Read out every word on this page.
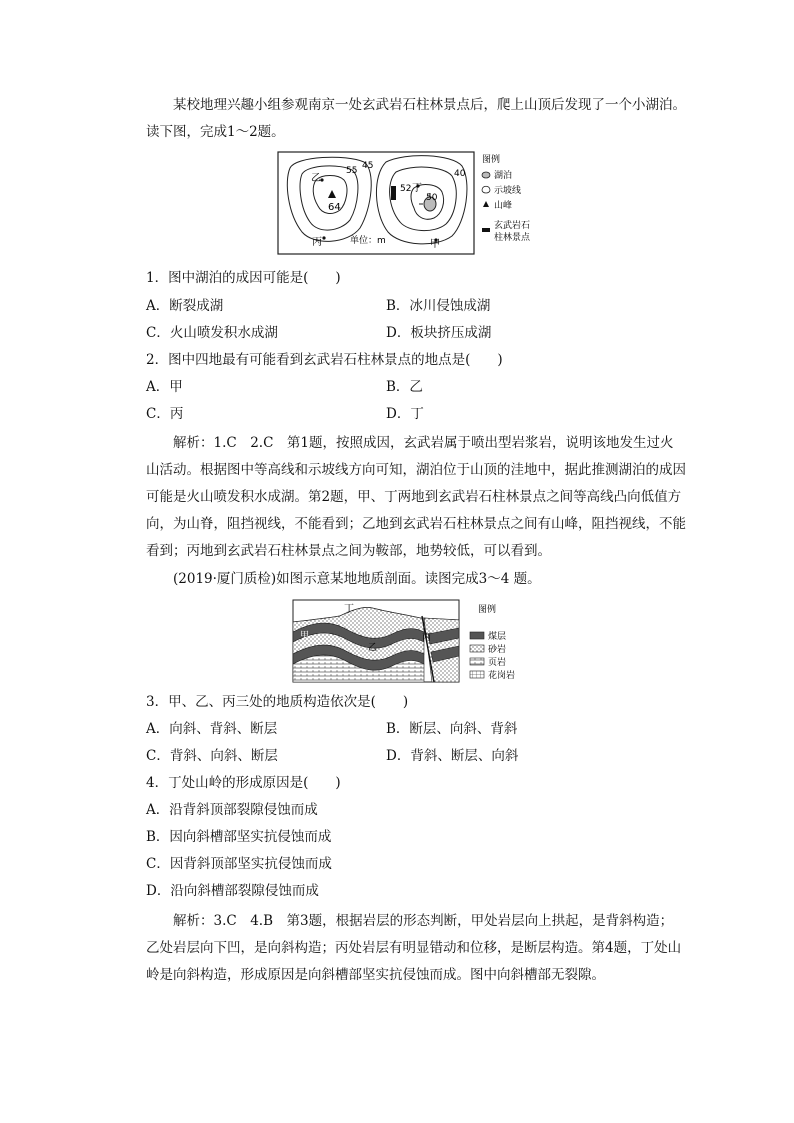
某校地理兴趣小组参观南京一处玄武岩石柱林景点后，爬上山顶后发现了一个小湖泊。读下图，完成1～2题。

乙
55 45
64
丙
52 丁
50
40
甲
单位：m
图例
湖泊
示坡线
山峰
玄武岩石
柱林景点
1．图中湖泊的成因可能是(　　)
A．断裂成湖	B．冰川侵蚀成湖
C．火山喷发积水成湖	D．板块挤压成湖
2．图中四地最有可能看到玄武岩石柱林景点的地点是(　　)
A．甲	B．乙
C．丙	D．丁

解析：1.C　2.C　第1题，按照成因，玄武岩属于喷出型岩浆岩，说明该地发生过火山活动。根据图中等高线和示坡线方向可知，湖泊位于山顶的洼地中，据此推测湖泊的成因可能是火山喷发积水成湖。第2题，甲、丁两地到玄武岩石柱林景点之间等高线凸向低值方向，为山脊，阻挡视线，不能看到；乙地到玄武岩石柱林景点之间有山峰，阻挡视线，不能看到；丙地到玄武岩石柱林景点之间为鞍部，地势较低，可以看到。

(2019·厦门质检)如图示意某地地质剖面。读图完成3～4 题。

丁
甲
乙
丙
图例
煤层
砂岩
页岩
花岗岩
3．甲、乙、丙三处的地质构造依次是(　　)
A．向斜、背斜、断层	B．断层、向斜、背斜
C．背斜、向斜、断层	D．背斜、断层、向斜
4．丁处山岭的形成原因是(　　)
A．沿背斜顶部裂隙侵蚀而成
B．因向斜槽部坚实抗侵蚀而成
C．因背斜顶部坚实抗侵蚀而成
D．沿向斜槽部裂隙侵蚀而成

解析：3.C　4.B　第3题，根据岩层的形态判断，甲处岩层向上拱起，是背斜构造；乙处岩层向下凹，是向斜构造；丙处岩层有明显错动和位移，是断层构造。第4题，丁处山岭是向斜构造，形成原因是向斜槽部坚实抗侵蚀而成。图中向斜槽部无裂隙。
